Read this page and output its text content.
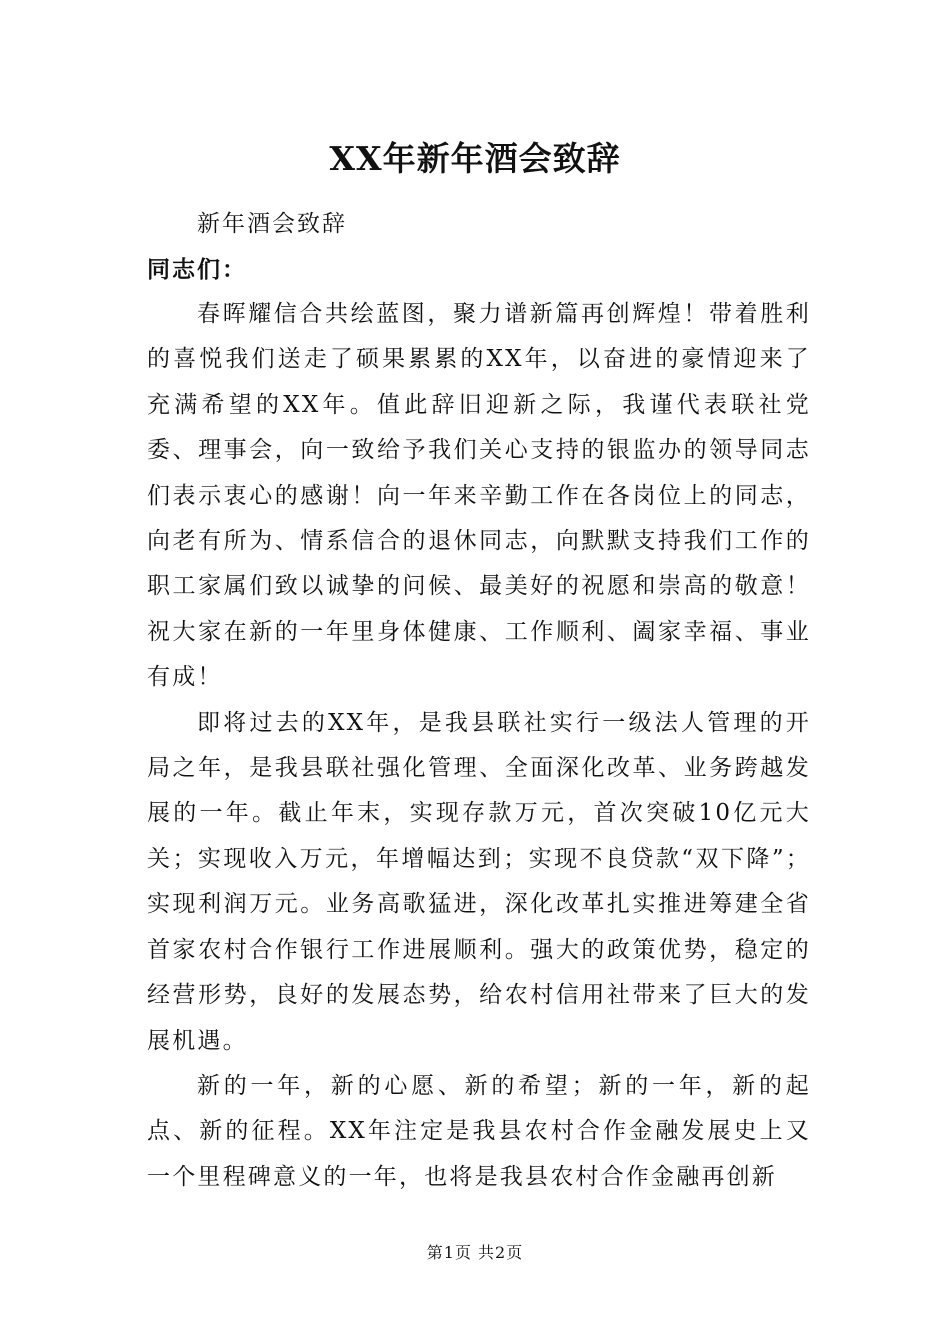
XX年新年酒会致辞
新年酒会致辞
同志们：

春晖耀信合共绘蓝图，聚力谱新篇再创辉煌！带着胜利的喜悦我们送走了硕果累累的XX年，以奋进的豪情迎来了充满希望的XX年。值此辞旧迎新之际，我谨代表联社党委、理事会，向一致给予我们关心支持的银监办的领导同志们表示衷心的感谢！向一年来辛勤工作在各岗位上的同志，向老有所为、情系信合的退休同志，向默默支持我们工作的职工家属们致以诚挚的问候、最美好的祝愿和崇高的敬意！祝大家在新的一年里身体健康、工作顺利、阖家幸福、事业有成！

即将过去的XX年，是我县联社实行一级法人管理的开局之年，是我县联社强化管理、全面深化改革、业务跨越发展的一年。截止年末，实现存款万元，首次突破10亿元大关；实现收入万元，年增幅达到；实现不良贷款“双下降”；实现利润万元。业务高歌猛进，深化改革扎实推进筹建全省首家农村合作银行工作进展顺利。强大的政策优势，稳定的经营形势，良好的发展态势，给农村信用社带来了巨大的发展机遇。

新的一年，新的心愿、新的希望；新的一年，新的起点、新的征程。XX年注定是我县农村合作金融发展史上又一个里程碑意义的一年，也将是我县农村合作金融再创新

第1页 共2页
